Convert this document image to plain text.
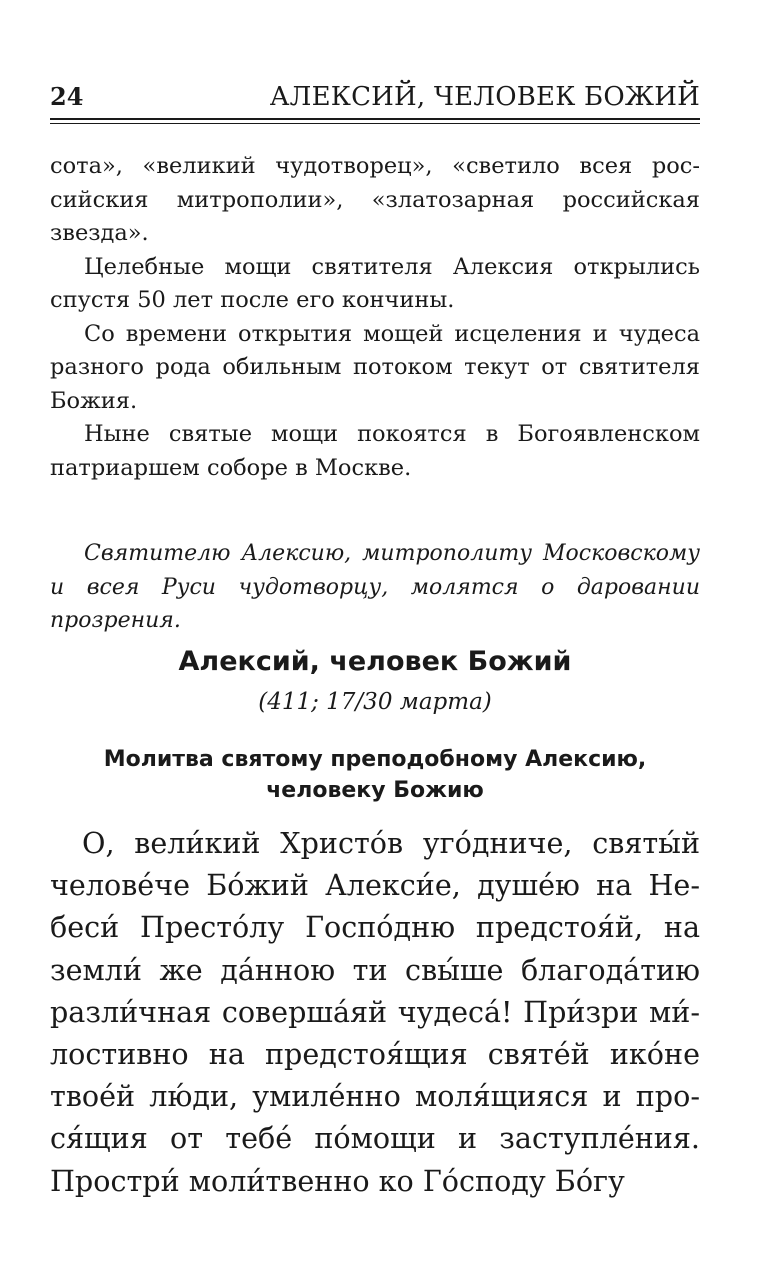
24	АЛЕКСИЙ, ЧЕЛОВЕК БОЖИЙ

сота», «великий чудотворец», «светило всея российския митрополии», «златозарная российская звезда».

Целебные мощи святителя Алексия открылись спустя 50 лет после его кончины.

Со времени открытия мощей исцеления и чудеса разного рода обильным потоком текут от святителя Божия.

Ныне святые мощи покоятся в Богоявленском патриаршем соборе в Москве.

Святителю Алексию, митрополиту Московскому и всея Руси чудотворцу, молятся о даровании прозрения.

Алексий, человек Божий
(411; 17/30 марта)
Молитва святому преподобному Алексию,
человеку Божию

О, вели́кий Христо́в уго́дниче, святы́й челове́че Бо́жий Алекси́е, душе́ю на Небеси́ Престо́лу Госпо́дню предстоя́й, на земли́ же да́нною ти свы́ше благода́тию разли́чная соверша́яй чудеса́! При́зри ми́лостивно на предстоя́щия святе́й ико́не твое́й лю́ди, умиле́нно моля́щияся и прося́щия от тебе́ по́мощи и заступле́ния. Простри́ моли́твенно ко Го́споду Бо́гу
